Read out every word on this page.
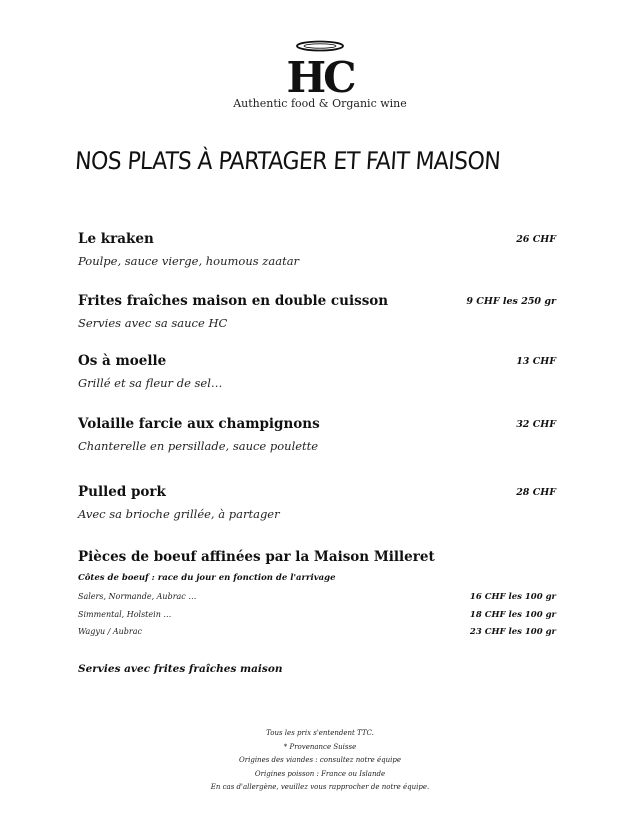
HC
Authentic food & Organic wine
NOS PLATS À PARTAGER ET FAIT MAISON
Le kraken
Poulpe, sauce vierge, houmous zaatar
26 CHF
Frites fraîches maison en double cuisson
Servies avec sa sauce HC
9 CHF les 250 gr
Os à moelle
Grillé et sa fleur de sel…
13 CHF
Volaille farcie aux champignons
Chanterelle en persillade, sauce poulette
32 CHF
Pulled pork
Avec sa brioche grillée, à partager
28 CHF
Pièces de boeuf affinées par la Maison Milleret
Côtes de boeuf : race du jour en fonction de l'arrivage
Salers, Normande, Aubrac …	16 CHF les 100 gr
Simmental, Holstein …	18 CHF les 100 gr
Wagyu / Aubrac	23 CHF les 100 gr
Servies avec frites fraîches maison
Tous les prix s'entendent TTC.
* Provenance Suisse
Origines des viandes : consultez notre équipe
Origines poisson : France ou Islande
En cas d'allergène, veuillez vous rapprocher de notre équipe.
